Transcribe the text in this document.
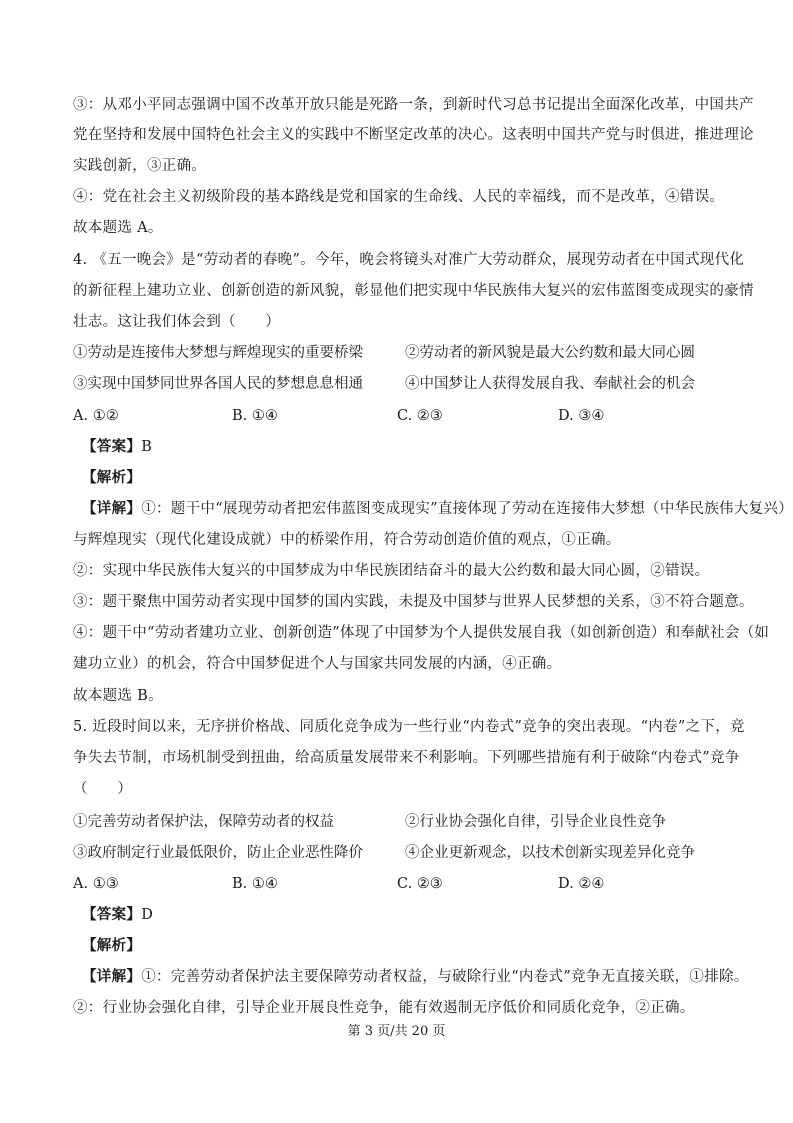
③：从邓小平同志强调中国不改革开放只能是死路一条，到新时代习总书记提出全面深化改革，中国共产
党在坚持和发展中国特色社会主义的实践中不断坚定改革的决心。这表明中国共产党与时俱进，推进理论
实践创新，③正确。
④：党在社会主义初级阶段的基本路线是党和国家的生命线、人民的幸福线，而不是改革，④错误。
故本题选 A。
4. 《五一晚会》是“劳动者的春晚”。今年，晚会将镜头对准广大劳动群众，展现劳动者在中国式现代化
的新征程上建功立业、创新创造的新风貌，彰显他们把实现中华民族伟大复兴的宏伟蓝图变成现实的豪情
壮志。这让我们体会到（　　）
①劳动是连接伟大梦想与辉煌现实的重要桥梁	②劳动者的新风貌是最大公约数和最大同心圆
③实现中国梦同世界各国人民的梦想息息相通	④中国梦让人获得发展自我、奉献社会的机会
A. ①②	B. ①④	C. ②③	D. ③④
【答案】B
【解析】
【详解】①：题干中“展现劳动者把宏伟蓝图变成现实”直接体现了劳动在连接伟大梦想（中华民族伟大复兴）
与辉煌现实（现代化建设成就）中的桥梁作用，符合劳动创造价值的观点，①正确。
②：实现中华民族伟大复兴的中国梦成为中华民族团结奋斗的最大公约数和最大同心圆，②错误。
③：题干聚焦中国劳动者实现中国梦的国内实践，未提及中国梦与世界人民梦想的关系，③不符合题意。
④：题干中“劳动者建功立业、创新创造”体现了中国梦为个人提供发展自我（如创新创造）和奉献社会（如
建功立业）的机会，符合中国梦促进个人与国家共同发展的内涵，④正确。
故本题选 B。
5. 近段时间以来，无序拼价格战、同质化竞争成为一些行业“内卷式”竞争的突出表现。“内卷”之下，竞
争失去节制，市场机制受到扭曲，给高质量发展带来不利影响。下列哪些措施有利于破除“内卷式”竞争
（　　）
①完善劳动者保护法，保障劳动者的权益	②行业协会强化自律，引导企业良性竞争
③政府制定行业最低限价，防止企业恶性降价	④企业更新观念，以技术创新实现差异化竞争
A. ①③	B. ①④	C. ②③	D. ②④
【答案】D
【解析】
【详解】①：完善劳动者保护法主要保障劳动者权益，与破除行业“内卷式”竞争无直接关联，①排除。
②：行业协会强化自律，引导企业开展良性竞争，能有效遏制无序低价和同质化竞争，②正确。
第 3 页/共 20 页
